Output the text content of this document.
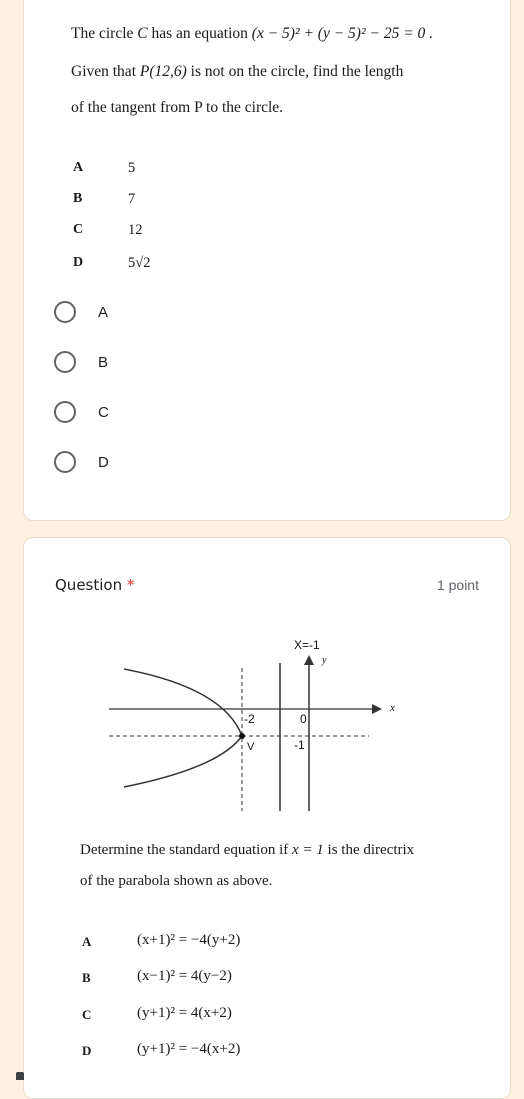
The circle C has an equation (x − 5)² + (y − 5)² − 25 = 0 .
Given that P(12,6) is not on the circle, find the length
of the tangent from P to the circle.
A	5
B	7
C	12
D	5√2
A
B
C
D
Question *	1 point
X=-1
y
x
-2	0
V	-1
Determine the standard equation if x = 1 is the directrix
of the parabola shown as above.
A	(x+1)² = −4(y+2)
B	(x−1)² = 4(y−2)
C	(y+1)² = 4(x+2)
D	(y+1)² = −4(x+2)
